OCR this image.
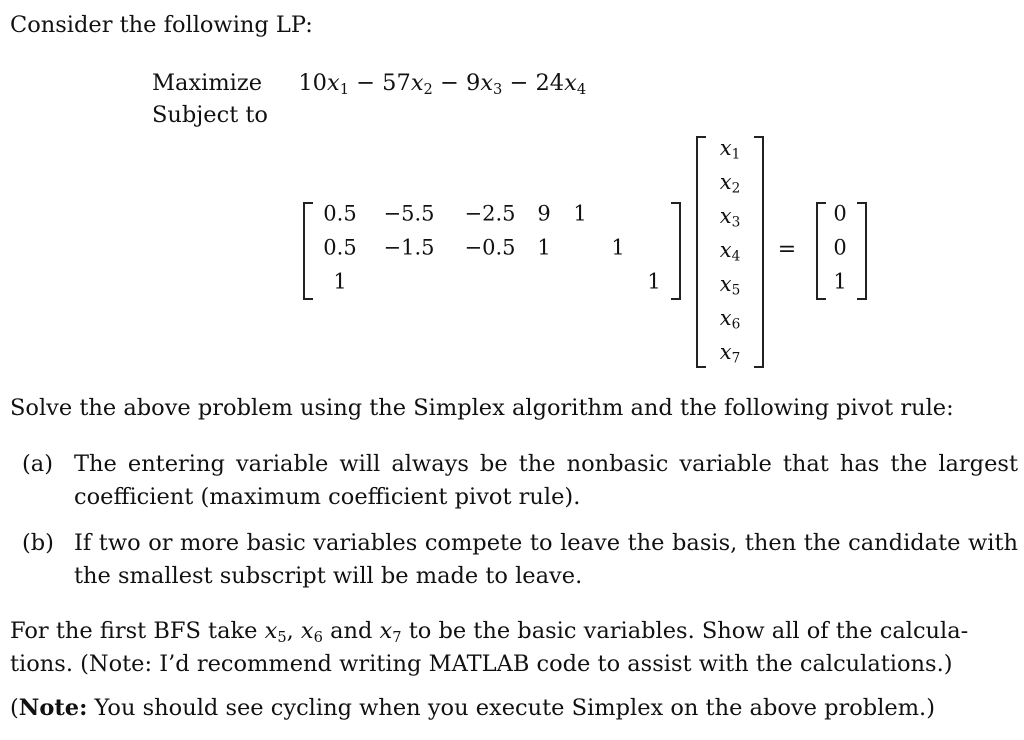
Consider the following LP:
Maximize $10x_1 - 57x_2 - 9x_3 - 24x_4$
Subject to
0.5 −5.5 −2.5 9 1
0.5 −1.5 −0.5 1	1
1	1
$x_1$
$x_2$
$x_3$
$x_4$
$x_5$
$x_6$
$x_7$
=
0
0
1
Solve the above problem using the Simplex algorithm and the following pivot rule:
(a) The entering variable will always be the nonbasic variable that has the largest coefficient (maximum coefficient pivot rule).
(b) If two or more basic variables compete to leave the basis, then the candidate with the smallest subscript will be made to leave.
For the first BFS take $x_5$, $x_6$ and $x_7$ to be the basic variables. Show all of the calcula-
tions. (Note: I’d recommend writing MATLAB code to assist with the calculations.)
(Note: You should see cycling when you execute Simplex on the above problem.)
